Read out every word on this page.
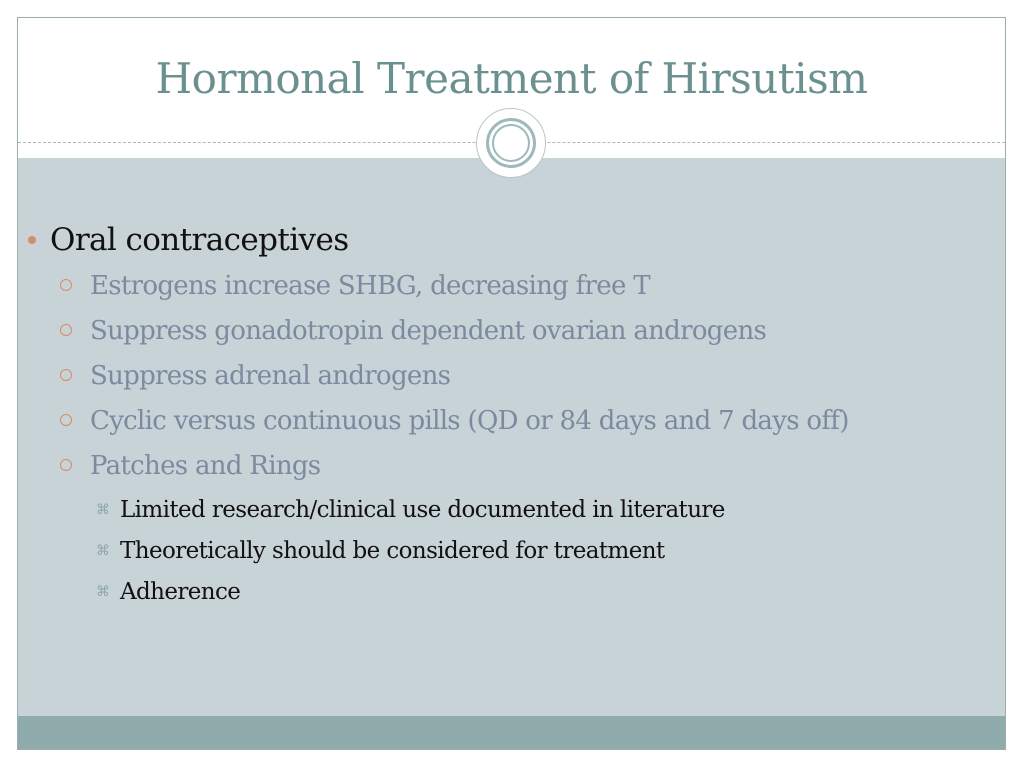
Hormonal Treatment of Hirsutism
Oral contraceptives
Estrogens increase SHBG, decreasing free T
Suppress gonadotropin dependent ovarian androgens
Suppress adrenal androgens
Cyclic versus continuous pills (QD or 84 days and 7 days off)
Patches and Rings
⌘ Limited research/clinical use documented in literature
⌘ Theoretically should be considered for treatment
⌘ Adherence
